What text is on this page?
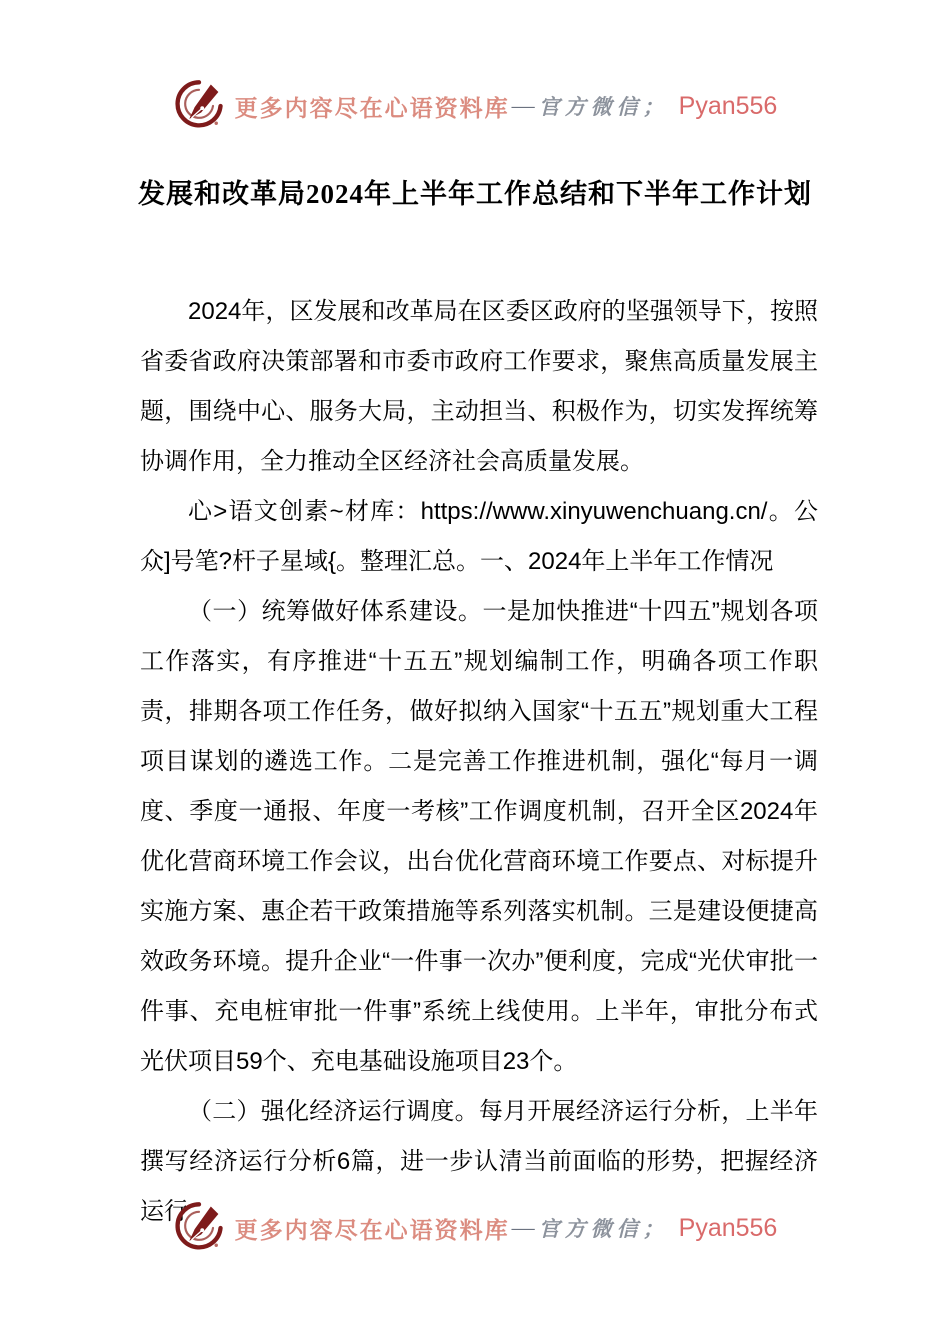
更多内容尽在心语资料库 — 官方微信； Pyan556
发展和改革局2024年上半年工作总结和下半年工作计划

2024年，区发展和改革局在区委区政府的坚强领导下，按照省委省政府决策部署和市委市政府工作要求，聚焦高质量发展主题，围绕中心、服务大局，主动担当、积极作为，切实发挥统筹协调作用，全力推动全区经济社会高质量发展。

心>语文创素~材库：https://www.xinyuwenchuang.cn/。公众]号笔?杆子星域{。整理汇总。一、2024年上半年工作情况

（一）统筹做好体系建设。一是加快推进“十四五”规划各项工作落实，有序推进“十五五”规划编制工作，明确各项工作职责，排期各项工作任务，做好拟纳入国家“十五五”规划重大工程项目谋划的遴选工作。二是完善工作推进机制，强化“每月一调度、季度一通报、年度一考核”工作调度机制，召开全区2024年优化营商环境工作会议，出台优化营商环境工作要点、对标提升实施方案、惠企若干政策措施等系列落实机制。三是建设便捷高效政务环境。提升企业“一件事一次办”便利度，完成“光伏审批一件事、充电桩审批一件事”系统上线使用。上半年，审批分布式光伏项目59个、充电基础设施项目23个。

（二）强化经济运行调度。每月开展经济运行分析，上半年撰写经济运行分析6篇，进一步认清当前面临的形势，把握经济运行

更多内容尽在心语资料库 — 官方微信； Pyan556
